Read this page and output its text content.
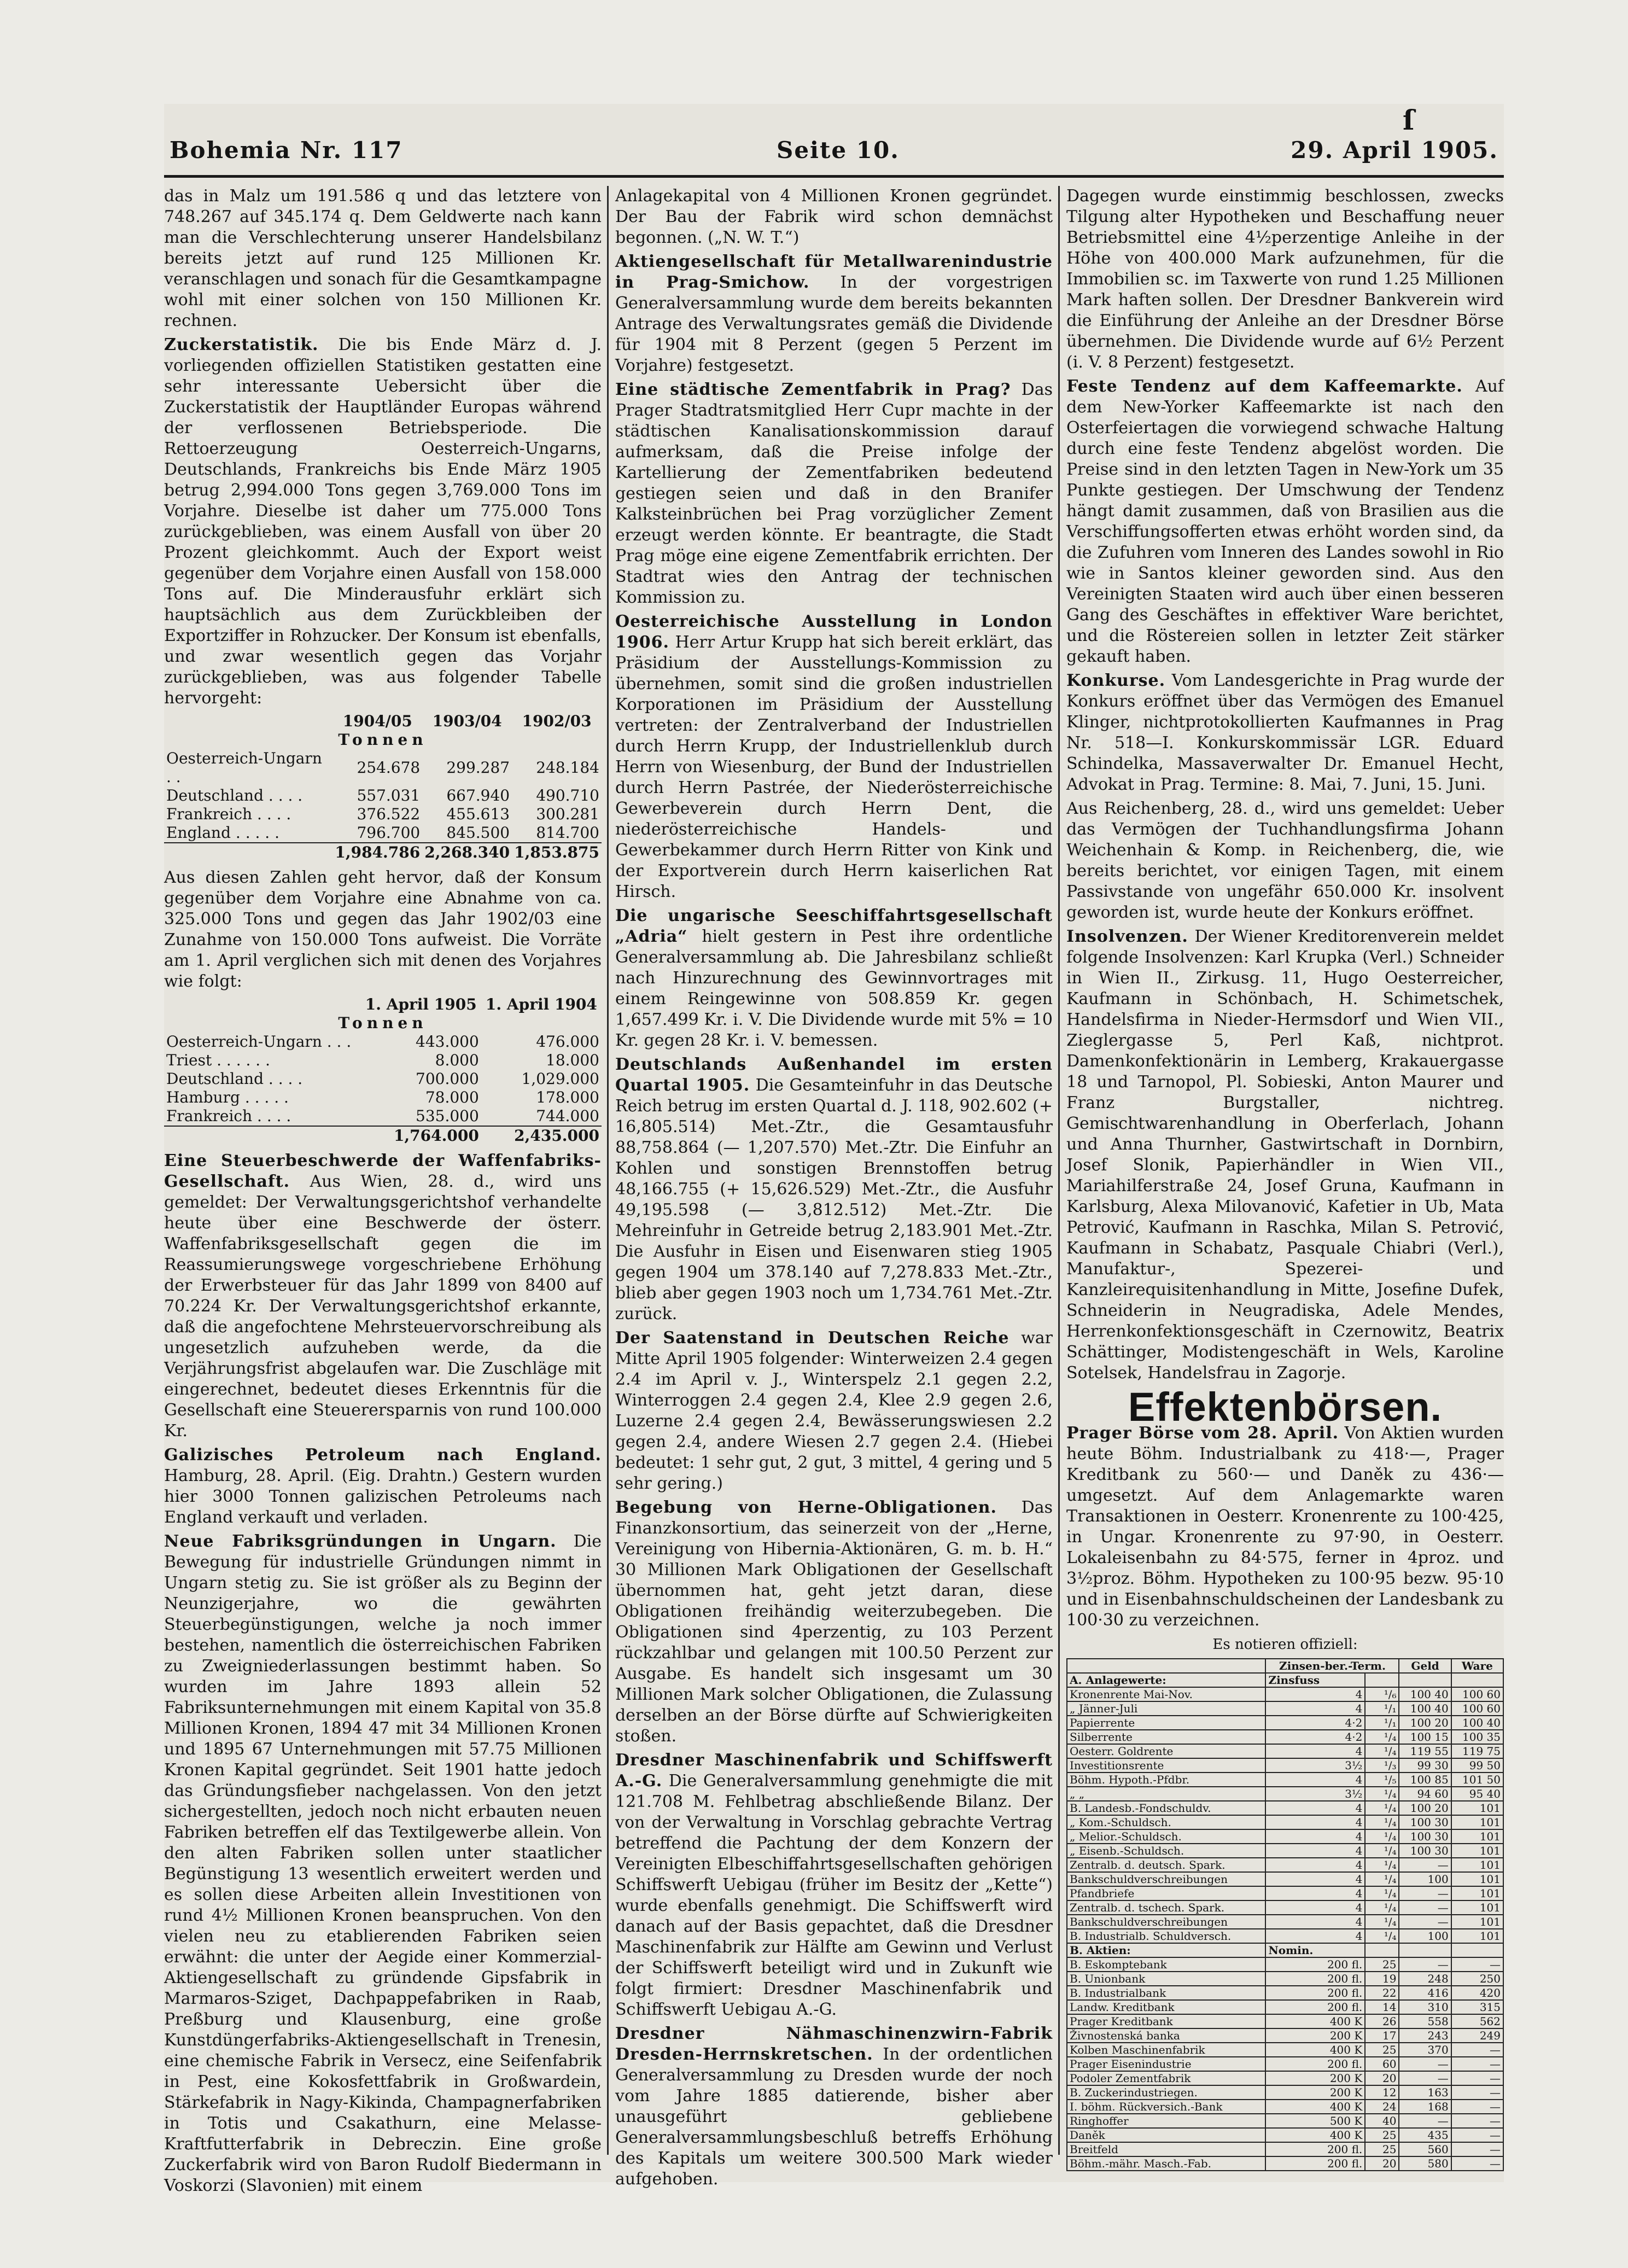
ſ
Bohemia Nr. 117	Seite 10.	29. April 1905.

das in Malz um 191.586 q und das letztere von 748.267 auf 345.174 q. Dem Geldwerte nach kann man die Verschlechterung unserer Handelsbilanz bereits jetzt auf rund 125 Millionen Kr. veranschlagen und sonach für die Gesamtkampagne wohl mit einer solchen von 150 Millionen Kr. rechnen.

Zuckerstatistik. Die bis Ende März d. J. vorliegenden offiziellen Statistiken gestatten eine sehr interessante Uebersicht über die Zuckerstatistik der Hauptländer Europas während der verflossenen Betriebsperiode. Die Rettoerzeugung Oesterreich-Ungarns, Deutschlands, Frankreichs bis Ende März 1905 betrug 2,994.000 Tons gegen 3,769.000 Tons im Vorjahre. Dieselbe ist daher um 775.000 Tons zurückgeblieben, was einem Ausfall von über 20 Prozent gleichkommt. Auch der Export weist gegenüber dem Vorjahre einen Ausfall von 158.000 Tons auf. Die Minderausfuhr erklärt sich hauptsächlich aus dem Zurückbleiben der Exportziffer in Rohzucker. Der Konsum ist ebenfalls, und zwar wesentlich gegen das Vorjahr zurückgeblieben, was aus folgender Tabelle hervorgeht:

	1904/05	1903/04	1902/03
Tonnen			
Oesterreich-Ungarn . .	254.678	299.287	248.184
Deutschland . . . .	557.031	667.940	490.710
Frankreich . . . .	376.522	455.613	300.281
England . . . . .	796.700	845.500	814.700
	1,984.786	2,268.340	1,853.875

Aus diesen Zahlen geht hervor, daß der Konsum gegenüber dem Vorjahre eine Abnahme von ca. 325.000 Tons und gegen das Jahr 1902/03 eine Zunahme von 150.000 Tons aufweist. Die Vorräte am 1. April verglichen sich mit denen des Vorjahres wie folgt:

	1. April 1905	1. April 1904
Tonnen		
Oesterreich-Ungarn . . .	443.000	476.000
Triest . . . . . .	8.000	18.000
Deutschland . . . .	700.000	1,029.000
Hamburg . . . . .	78.000	178.000
Frankreich . . . .	535.000	744.000
	1,764.000	2,435.000

Eine Steuerbeschwerde der Waffenfabriks-Gesellschaft. Aus Wien, 28. d., wird uns gemeldet: Der Verwaltungsgerichtshof verhandelte heute über eine Beschwerde der österr. Waffenfabriksgesellschaft gegen die im Reassumierungswege vorgeschriebene Erhöhung der Erwerbsteuer für das Jahr 1899 von 8400 auf 70.224 Kr. Der Verwaltungsgerichtshof erkannte, daß die angefochtene Mehrsteuervorschreibung als ungesetzlich aufzuheben werde, da die Verjährungsfrist abgelaufen war. Die Zuschläge mit eingerechnet, bedeutet dieses Erkenntnis für die Gesellschaft eine Steuerersparnis von rund 100.000 Kr.

Galizisches Petroleum nach England. Hamburg, 28. April. (Eig. Drahtn.) Gestern wurden hier 3000 Tonnen galizischen Petroleums nach England verkauft und verladen.

Neue Fabriksgründungen in Ungarn. Die Bewegung für industrielle Gründungen nimmt in Ungarn stetig zu. Sie ist größer als zu Beginn der Neunzigerjahre, wo die gewährten Steuerbegünstigungen, welche ja noch immer bestehen, namentlich die österreichischen Fabriken zu Zweigniederlassungen bestimmt haben. So wurden im Jahre 1893 allein 52 Fabriksunternehmungen mit einem Kapital von 35.8 Millionen Kronen, 1894 47 mit 34 Millionen Kronen und 1895 67 Unternehmungen mit 57.75 Millionen Kronen Kapital gegründet. Seit 1901 hatte jedoch das Gründungsfieber nachgelassen. Von den jetzt sichergestellten, jedoch noch nicht erbauten neuen Fabriken betreffen elf das Textilgewerbe allein. Von den alten Fabriken sollen unter staatlicher Begünstigung 13 wesentlich erweitert werden und es sollen diese Arbeiten allein Investitionen von rund 4½ Millionen Kronen beanspruchen. Von den vielen neu zu etablierenden Fabriken seien erwähnt: die unter der Aegide einer Kommerzial-Aktiengesellschaft zu gründende Gipsfabrik in Marmaros-Sziget, Dachpappefabriken in Raab, Preßburg und Klausenburg, eine große Kunstdüngerfabriks-Aktiengesellschaft in Trenesin, eine chemische Fabrik in Versecz, eine Seifenfabrik in Pest, eine Kokosfettfabrik in Großwardein, Stärkefabrik in Nagy-Kikinda, Champagnerfabriken in Totis und Csakathurn, eine Melasse-Kraftfutterfabrik in Debreczin. Eine große Zuckerfabrik wird von Baron Rudolf Biedermann in Voskorzi (Slavonien) mit einem

Anlagekapital von 4 Millionen Kronen gegründet. Der Bau der Fabrik wird schon demnächst begonnen. („N. W. T.“)

Aktiengesellschaft für Metallwarenindustrie in Prag-Smichow. In der vorgestrigen Generalversammlung wurde dem bereits bekannten Antrage des Verwaltungsrates gemäß die Dividende für 1904 mit 8 Perzent (gegen 5 Perzent im Vorjahre) festgesetzt.

Eine städtische Zementfabrik in Prag? Das Prager Stadtratsmitglied Herr Cupr machte in der städtischen Kanalisationskommission darauf aufmerksam, daß die Preise infolge der Kartellierung der Zementfabriken bedeutend gestiegen seien und daß in den Branifer Kalksteinbrüchen bei Prag vorzüglicher Zement erzeugt werden könnte. Er beantragte, die Stadt Prag möge eine eigene Zementfabrik errichten. Der Stadtrat wies den Antrag der technischen Kommission zu.

Oesterreichische Ausstellung in London 1906. Herr Artur Krupp hat sich bereit erklärt, das Präsidium der Ausstellungs-Kommission zu übernehmen, somit sind die großen industriellen Korporationen im Präsidium der Ausstellung vertreten: der Zentralverband der Industriellen durch Herrn Krupp, der Industriellenklub durch Herrn von Wiesenburg, der Bund der Industriellen durch Herrn Pastrée, der Niederösterreichische Gewerbeverein durch Herrn Dent, die niederösterreichische Handels- und Gewerbekammer durch Herrn Ritter von Kink und der Exportverein durch Herrn kaiserlichen Rat Hirsch.

Die ungarische Seeschiffahrtsgesellschaft „Adria“ hielt gestern in Pest ihre ordentliche Generalversammlung ab. Die Jahresbilanz schließt nach Hinzurechnung des Gewinnvortrages mit einem Reingewinne von 508.859 Kr. gegen 1,657.499 Kr. i. V. Die Dividende wurde mit 5% = 10 Kr. gegen 28 Kr. i. V. bemessen.

Deutschlands Außenhandel im ersten Quartal 1905. Die Gesamteinfuhr in das Deutsche Reich betrug im ersten Quartal d. J. 118, 902.602 (+ 16,805.514) Met.-Ztr., die Gesamtausfuhr 88,758.864 (— 1,207.570) Met.-Ztr. Die Einfuhr an Kohlen und sonstigen Brennstoffen betrug 48,166.755 (+ 15,626.529) Met.-Ztr., die Ausfuhr 49,195.598 (— 3,812.512) Met.-Ztr. Die Mehreinfuhr in Getreide betrug 2,183.901 Met.-Ztr. Die Ausfuhr in Eisen und Eisenwaren stieg 1905 gegen 1904 um 378.140 auf 7,278.833 Met.-Ztr., blieb aber gegen 1903 noch um 1,734.761 Met.-Ztr. zurück.

Der Saatenstand in Deutschen Reiche war Mitte April 1905 folgender: Winterweizen 2.4 gegen 2.4 im April v. J., Winterspelz 2.1 gegen 2.2, Winterroggen 2.4 gegen 2.4, Klee 2.9 gegen 2.6, Luzerne 2.4 gegen 2.4, Bewässerungswiesen 2.2 gegen 2.4, andere Wiesen 2.7 gegen 2.4. (Hiebei bedeutet: 1 sehr gut, 2 gut, 3 mittel, 4 gering und 5 sehr gering.)

Begebung von Herne-Obligationen. Das Finanzkonsortium, das seinerzeit von der „Herne, Vereinigung von Hibernia-Aktionären, G. m. b. H.“ 30 Millionen Mark Obligationen der Gesellschaft übernommen hat, geht jetzt daran, diese Obligationen freihändig weiterzubegeben. Die Obligationen sind 4perzentig, zu 103 Perzent rückzahlbar und gelangen mit 100.50 Perzent zur Ausgabe. Es handelt sich insgesamt um 30 Millionen Mark solcher Obligationen, die Zulassung derselben an der Börse dürfte auf Schwierigkeiten stoßen.

Dresdner Maschinenfabrik und Schiffswerft A.-G. Die Generalversammlung genehmigte die mit 121.708 M. Fehlbetrag abschließende Bilanz. Der von der Verwaltung in Vorschlag gebrachte Vertrag betreffend die Pachtung der dem Konzern der Vereinigten Elbeschiffahrtsgesellschaften gehörigen Schiffswerft Uebigau (früher im Besitz der „Kette“) wurde ebenfalls genehmigt. Die Schiffswerft wird danach auf der Basis gepachtet, daß die Dresdner Maschinenfabrik zur Hälfte am Gewinn und Verlust der Schiffswerft beteiligt wird und in Zukunft wie folgt firmiert: Dresdner Maschinenfabrik und Schiffswerft Uebigau A.-G.

Dresdner Nähmaschinenzwirn-Fabrik Dresden-Herrnskretschen. In der ordentlichen Generalversammlung zu Dresden wurde der noch vom Jahre 1885 datierende, bisher aber unausgeführt gebliebene Generalversammlungsbeschluß betreffs Erhöhung des Kapitals um weitere 300.500 Mark wieder aufgehoben.

Dagegen wurde einstimmig beschlossen, zwecks Tilgung alter Hypotheken und Beschaffung neuer Betriebsmittel eine 4½perzentige Anleihe in der Höhe von 400.000 Mark aufzunehmen, für die Immobilien sc. im Taxwerte von rund 1.25 Millionen Mark haften sollen. Der Dresdner Bankverein wird die Einführung der Anleihe an der Dresdner Börse übernehmen. Die Dividende wurde auf 6½ Perzent (i. V. 8 Perzent) festgesetzt.

Feste Tendenz auf dem Kaffeemarkte. Auf dem New-Yorker Kaffeemarkte ist nach den Osterfeiertagen die vorwiegend schwache Haltung durch eine feste Tendenz abgelöst worden. Die Preise sind in den letzten Tagen in New-York um 35 Punkte gestiegen. Der Umschwung der Tendenz hängt damit zusammen, daß von Brasilien aus die Verschiffungsofferten etwas erhöht worden sind, da die Zufuhren vom Inneren des Landes sowohl in Rio wie in Santos kleiner geworden sind. Aus den Vereinigten Staaten wird auch über einen besseren Gang des Geschäftes in effektiver Ware berichtet, und die Röstereien sollen in letzter Zeit stärker gekauft haben.

Konkurse. Vom Landesgerichte in Prag wurde der Konkurs eröffnet über das Vermögen des Emanuel Klinger, nichtprotokollierten Kaufmannes in Prag Nr. 518—I. Konkurskommissär LGR. Eduard Schindelka, Massaverwalter Dr. Emanuel Hecht, Advokat in Prag. Termine: 8. Mai, 7. Juni, 15. Juni.

Aus Reichenberg, 28. d., wird uns gemeldet: Ueber das Vermögen der Tuchhandlungsfirma Johann Weichenhain & Komp. in Reichenberg, die, wie bereits berichtet, vor einigen Tagen, mit einem Passivstande von ungefähr 650.000 Kr. insolvent geworden ist, wurde heute der Konkurs eröffnet.

Insolvenzen. Der Wiener Kreditorenverein meldet folgende Insolvenzen: Karl Krupka (Verl.) Schneider in Wien II., Zirkusg. 11, Hugo Oesterreicher, Kaufmann in Schönbach, H. Schimetschek, Handelsfirma in Nieder-Hermsdorf und Wien VII., Zieglergasse 5, Perl Kaß, nichtprot. Damenkonfektionärin in Lemberg, Krakauergasse 18 und Tarnopol, Pl. Sobieski, Anton Maurer und Franz Burgstaller, nichtreg. Gemischtwarenhandlung in Oberferlach, Johann und Anna Thurnher, Gastwirtschaft in Dornbirn, Josef Slonik, Papierhändler in Wien VII., Mariahilferstraße 24, Josef Gruna, Kaufmann in Karlsburg, Alexa Milovanović, Kafetier in Ub, Mata Petrović, Kaufmann in Raschka, Milan S. Petrović, Kaufmann in Schabatz, Pasquale Chiabri (Verl.), Manufaktur-, Spezerei- und Kanzleirequisitenhandlung in Mitte, Josefine Dufek, Schneiderin in Neugradiska, Adele Mendes, Herrenkonfektionsgeschäft in Czernowitz, Beatrix Schättinger, Modistengeschäft in Wels, Karoline Sotelsek, Handelsfrau in Zagorje.

Effektenbörsen.

Prager Börse vom 28. April. Von Aktien wurden heute Böhm. Industrialbank zu 418·—, Prager Kreditbank zu 560·— und Daněk zu 436·— umgesetzt. Auf dem Anlagemarkte waren Transaktionen in Oesterr. Kronenrente zu 100·425, in Ungar. Kronenrente zu 97·90, in Oesterr. Lokaleisenbahn zu 84·575, ferner in 4proz. und 3½proz. Böhm. Hypotheken zu 100·95 bezw. 95·10 und in Eisenbahnschuldscheinen der Landesbank zu 100·30 zu verzeichnen.

Es notieren offiziell:
	Zinsen-ber.-Term.		Geld	Ware
A. Anlagewerte:	Zinsfuss			
Kronenrente Mai-Nov.	4	¹/₆	100 40	100 60
„ Jänner-Juli	4	¹/₁	100 40	100 60
Papierrente	4·2	¹/₁	100 20	100 40
Silberrente	4·2	¹/₄	100 15	100 35
Oesterr. Goldrente	4	¹/₄	119 55	119 75
Investitionsrente	3½	¹/₃	99 30	99 50
Böhm. Hypoth.-Pfdbr.	4	¹/₅	100 85	101 50
„ „	3½	¹/₄	94 60	95 40
B. Landesb.-Fondschuldv.	4	¹/₄	100 20	101
„ Kom.-Schuldsch.	4	¹/₄	100 30	101
„ Melior.-Schuldsch.	4	¹/₄	100 30	101
„ Eisenb.-Schuldsch.	4	¹/₄	100 30	101
Zentralb. d. deutsch. Spark.	4	¹/₄	—	101
Bankschuldverschreibungen	4	¹/₄	100	101
Pfandbriefe	4	¹/₄	—	101
Zentralb. d. tschech. Spark.	4	¹/₄	—	101
Bankschuldverschreibungen	4	¹/₄	—	101
B. Industrialb. Schuldversch.	4	¹/₄	100	101
B. Aktien:	Nomin.			
B. Eskomptebank	200 fl.	25	—	—
B. Unionbank	200 fl.	19	248	250
B. Industrialbank	200 fl.	22	416	420
Landw. Kreditbank	200 fl.	14	310	315
Prager Kreditbank	400 K	26	558	562
Živnostenská banka	200 K	17	243	249
Kolben Maschinenfabrik	400 K	25	370	—
Prager Eisenindustrie	200 fl.	60	—	—
Podoler Zementfabrik	200 K	20	—	—
B. Zuckerindustriegen.	200 K	12	163	—
I. böhm. Rückversich.-Bank	400 K	24	168	—
Ringhoffer	500 K	40	—	—
Daněk	400 K	25	435	—
Breitfeld	200 fl.	25	560	—
Böhm.-mähr. Masch.-Fab.	200 fl.	20	580	—
